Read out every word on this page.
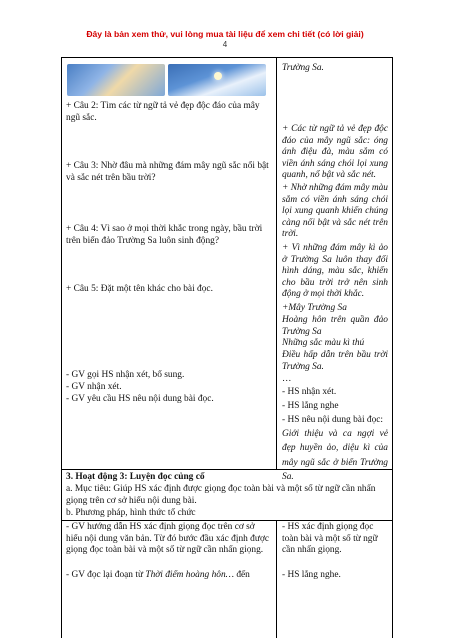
Đây là bản xem thử, vui lòng mua tài liệu để xem chi tiết (có lời giải)
4
+ Câu 2: Tìm các từ ngữ tả vẻ đẹp độc đáo của mây ngũ sắc.
+ Câu 3: Nhờ đâu mà những đám mây ngũ sắc nổi bật và sắc nét trên bầu trời?
+ Câu 4: Vì sao ở mọi thời khắc trong ngày, bầu trời trên biển đảo Trường Sa luôn sinh động?
+ Câu 5: Đặt một tên khác cho bài đọc.
- GV gọi HS nhận xét, bổ sung.
- GV nhận xét.
- GV yêu cầu HS nêu nội dung bài đọc.
Trường Sa.
+ Các từ ngữ tả vẻ đẹp độc đáo của mây ngũ sắc: óng ánh điệu đà, màu sắm có viền ánh sáng chói lọi xung quanh, nổ bật và sắc nét.
+ Nhờ những đám mây màu sắm có viền ánh sáng chói lọi xung quanh khiến chúng càng nổi bật và sắc nét trên trời.
+ Vì những đám mây kì ảo ở Trường Sa luôn thay đổi hình dáng, màu sắc, khiến cho bầu trời trở nên sinh động ở mọi thời khắc.
+Mây Trường Sa
Hoàng hôn trên quần đảo Trường Sa
Những sắc màu kì thú
Điều hấp dẫn trên bầu trời Trường Sa.
…
- HS nhận xét.
- HS lắng nghe
- HS nêu nội dung bài đọc:
Giới thiệu và ca ngợi vẻ đẹp huyền ảo, diệu kì của mây ngũ sắc ở biển Trường Sa.
3. Hoạt động 3: Luyện đọc củng cố
a. Mục tiêu: Giúp HS xác định được giọng đọc toàn bài và một số từ ngữ cần nhấn giọng trên cơ sở hiểu nội dung bài.
b. Phương pháp, hình thức tổ chức
- GV hướng dẫn HS xác định giọng đọc trên cơ sở hiểu nội dung văn bản. Từ đó bước đầu xác định được giọng đọc toàn bài và một số từ ngữ cần nhấn giọng.
- GV đọc lại đoạn từ Thời điểm hoàng hôn… đến
- HS xác định giọng đọc toàn bài và một số từ ngữ cần nhấn giọng.
- HS lắng nghe.
